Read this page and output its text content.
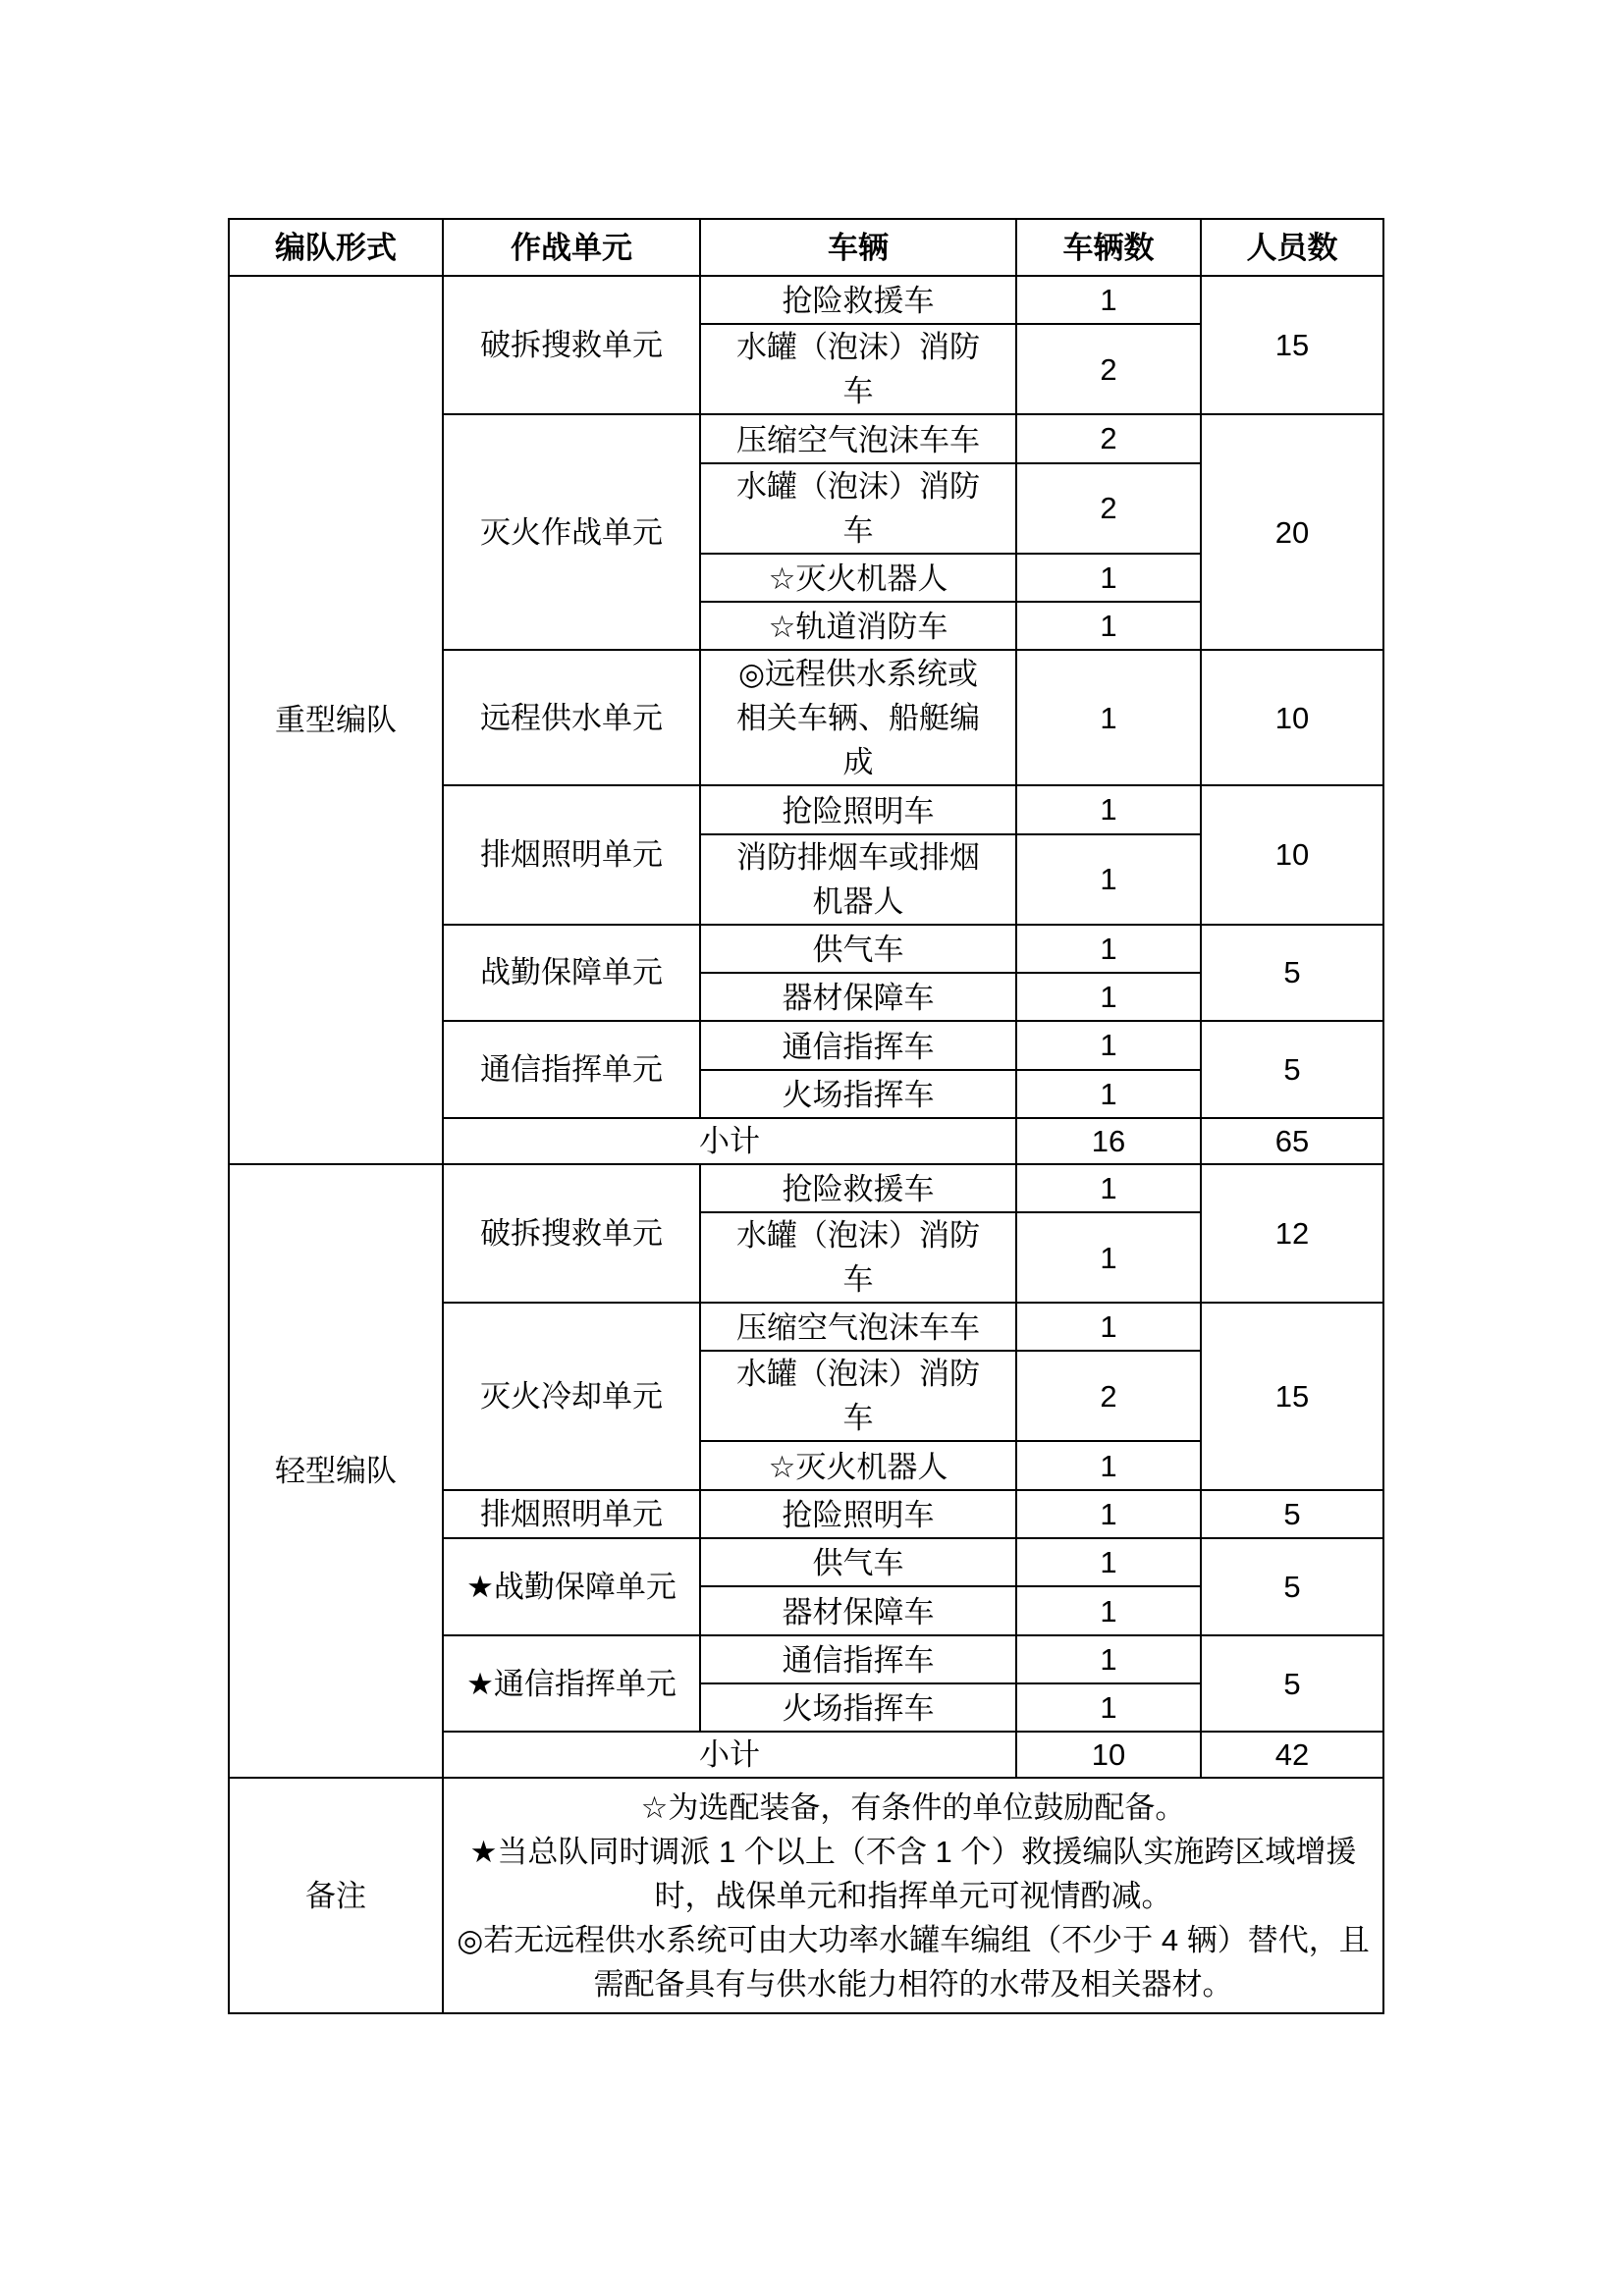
编队形式	作战单元	车辆	车辆数	人员数
重型编队	破拆搜救单元	抢险救援车	1	15
		水罐（泡沫）消防车	2	
	灭火作战单元	压缩空气泡沫车车	2	20
		水罐（泡沫）消防车	2	
		☆灭火机器人	1	
		☆轨道消防车	1	
	远程供水单元	◎远程供水系统或相关车辆、船艇编成	1	10
	排烟照明单元	抢险照明车	1	10
		消防排烟车或排烟机器人	1	
	战勤保障单元	供气车	1	5
		器材保障车	1	
	通信指挥单元	通信指挥车	1	5
		火场指挥车	1	
	小计		16	65
轻型编队	破拆搜救单元	抢险救援车	1	12
		水罐（泡沫）消防车	1	
	灭火冷却单元	压缩空气泡沫车车	1	15
		水罐（泡沫）消防车	2	
		☆灭火机器人	1	
	排烟照明单元	抢险照明车	1	5
	★战勤保障单元	供气车	1	5
		器材保障车	1	
	★通信指挥单元	通信指挥车	1	5
		火场指挥车	1	
	小计		10	42
备注	☆为选配装备，有条件的单位鼓励配备。

★当总队同时调派 1 个以上（不含 1 个）救援编队实施跨区域增援时，战保单元和指挥单元可视情酌减。

◎若无远程供水系统可由大功率水罐车编组（不少于 4 辆）替代，且需配备具有与供水能力相符的水带及相关器材。			
